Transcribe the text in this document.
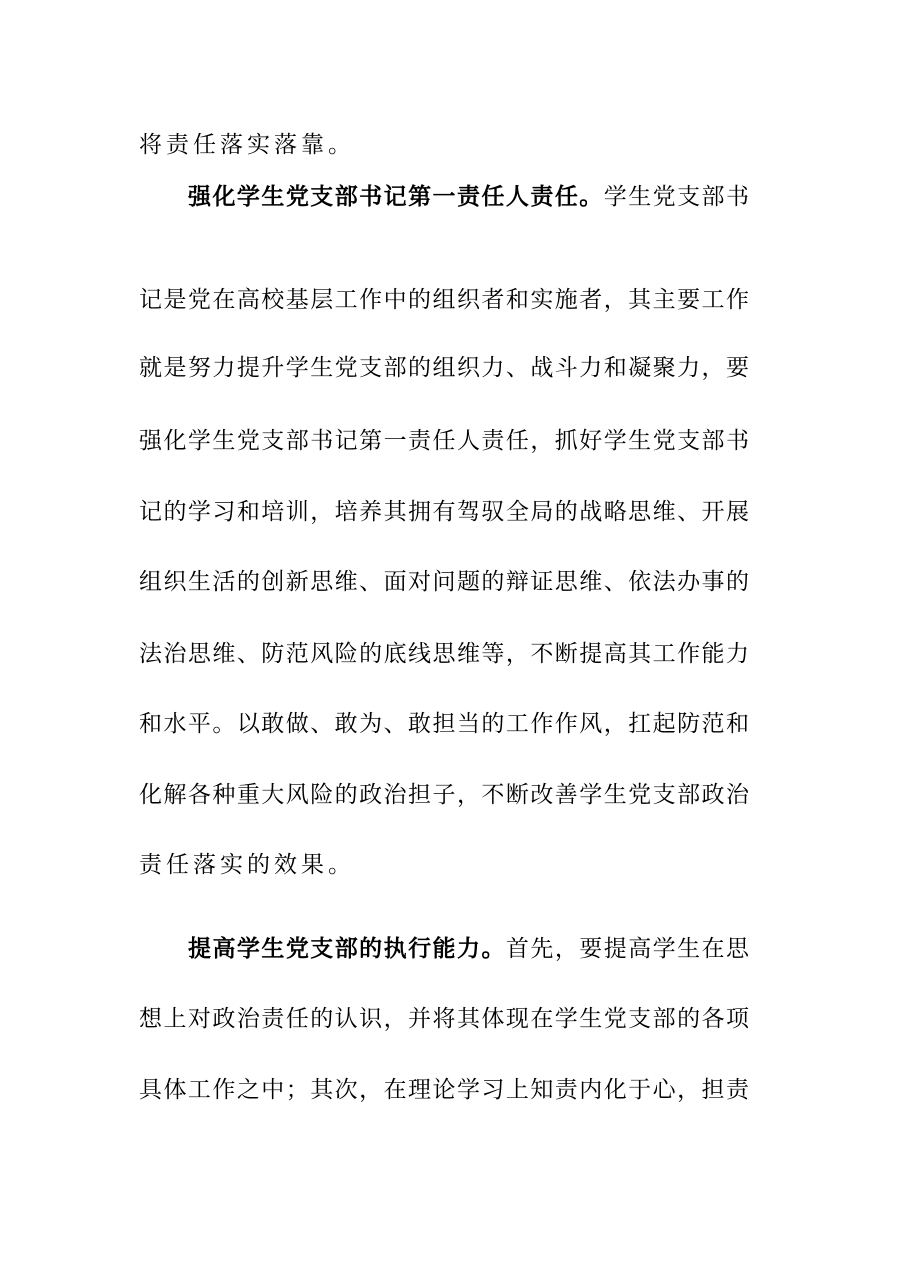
将责任落实落靠。
强化学生党支部书记第一责任人责任。学生党支部书
记是党在高校基层工作中的组织者和实施者，其主要工作
就是努力提升学生党支部的组织力、战斗力和凝聚力，要
强化学生党支部书记第一责任人责任，抓好学生党支部书
记的学习和培训，培养其拥有驾驭全局的战略思维、开展
组织生活的创新思维、面对问题的辩证思维、依法办事的
法治思维、防范风险的底线思维等，不断提高其工作能力
和水平。以敢做、敢为、敢担当的工作作风，扛起防范和
化解各种重大风险的政治担子，不断改善学生党支部政治
责任落实的效果。
提高学生党支部的执行能力。首先，要提高学生在思
想上对政治责任的认识，并将其体现在学生党支部的各项
具体工作之中；其次，在理论学习上知责内化于心，担责
